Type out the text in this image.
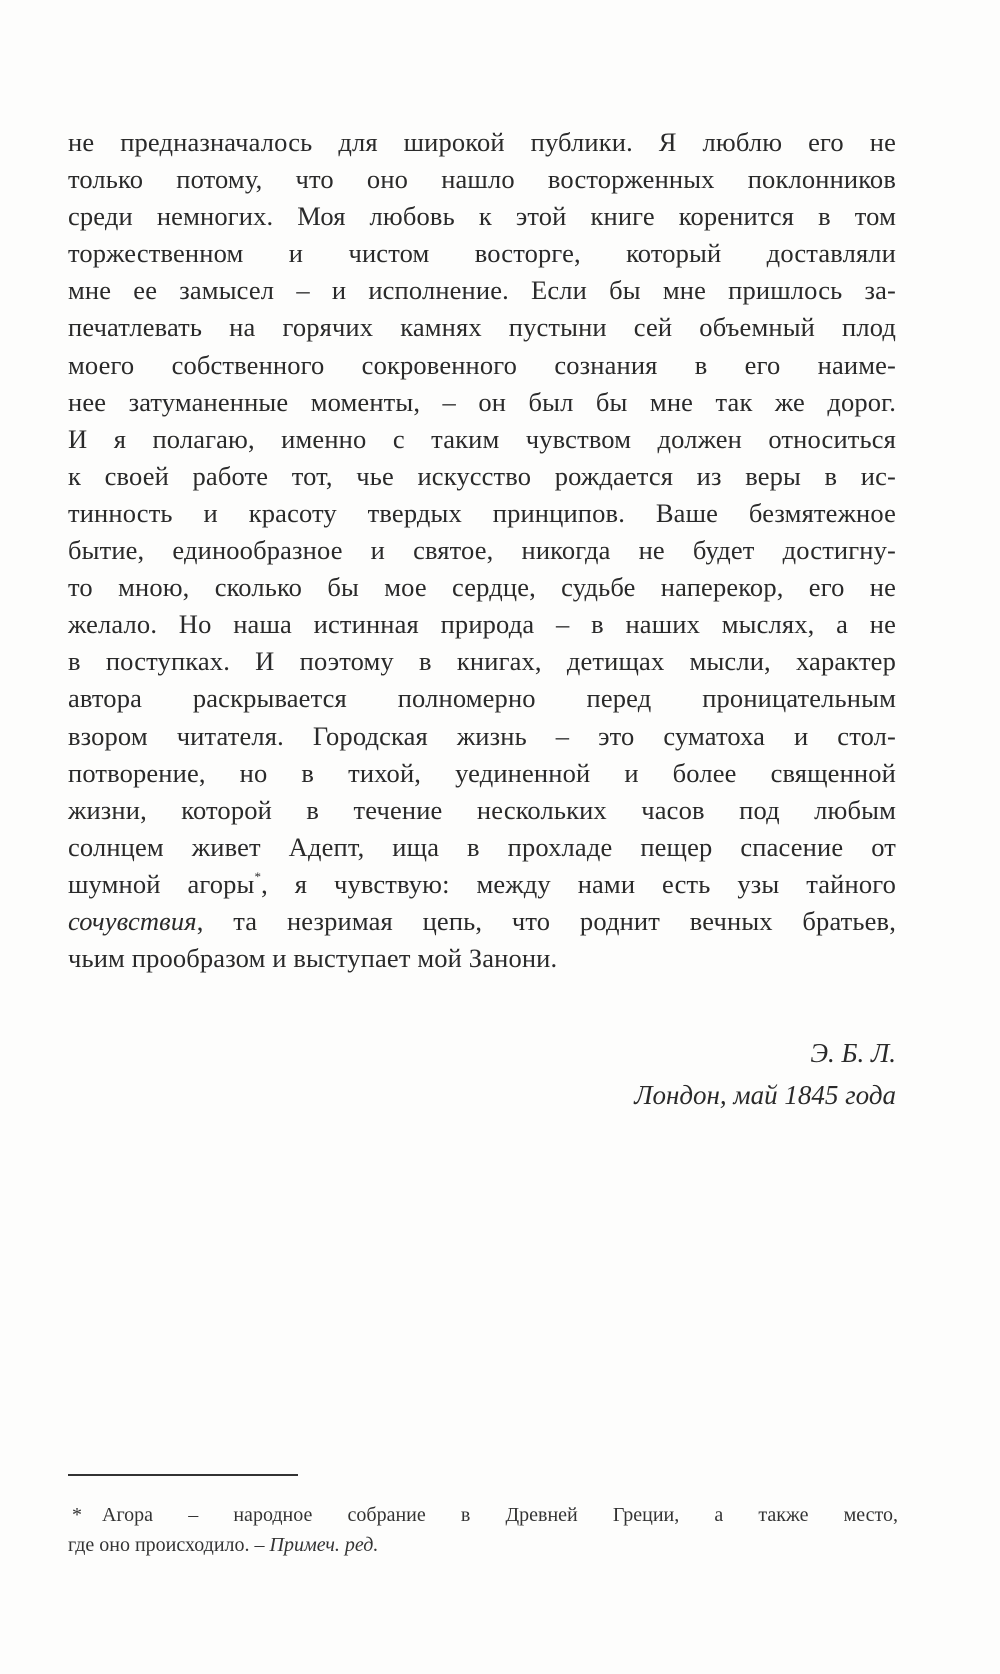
не предназначалось для широкой публики. Я люблю его не
только потому, что оно нашло восторженных поклонников
среди немногих. Моя любовь к этой книге коренится в том
торжественном и чистом восторге, который доставляли
мне ее замысел – и исполнение. Если бы мне пришлось за-
печатлевать на горячих камнях пустыни сей объемный плод
моего собственного сокровенного сознания в его наиме-
нее затуманенные моменты, – он был бы мне так же дорог.
И я полагаю, именно с таким чувством должен относиться
к своей работе тот, чье искусство рождается из веры в ис-
тинность и красоту твердых принципов. Ваше безмятежное
бытие, единообразное и святое, никогда не будет достигну-
то мною, сколько бы мое сердце, судьбе наперекор, его не
желало. Но наша истинная природа – в наших мыслях, а не
в поступках. И поэтому в книгах, детищах мысли, характер
автора раскрывается полномерно перед проницательным
взором читателя. Городская жизнь – это суматоха и стол-
потворение, но в тихой, уединенной и более священной
жизни, которой в течение нескольких часов под любым
солнцем живет Адепт, ища в прохладе пещер спасение от
шумной агоры*, я чувствую: между нами есть узы тайного
сочувствия, та незримая цепь, что роднит вечных братьев,
чьим прообразом и выступает мой Занони.
Э. Б. Л.
Лондон, май 1845 года
* Агора – народное собрание в Древней Греции, а также место,
где оно происходило. – Примеч. ред.
